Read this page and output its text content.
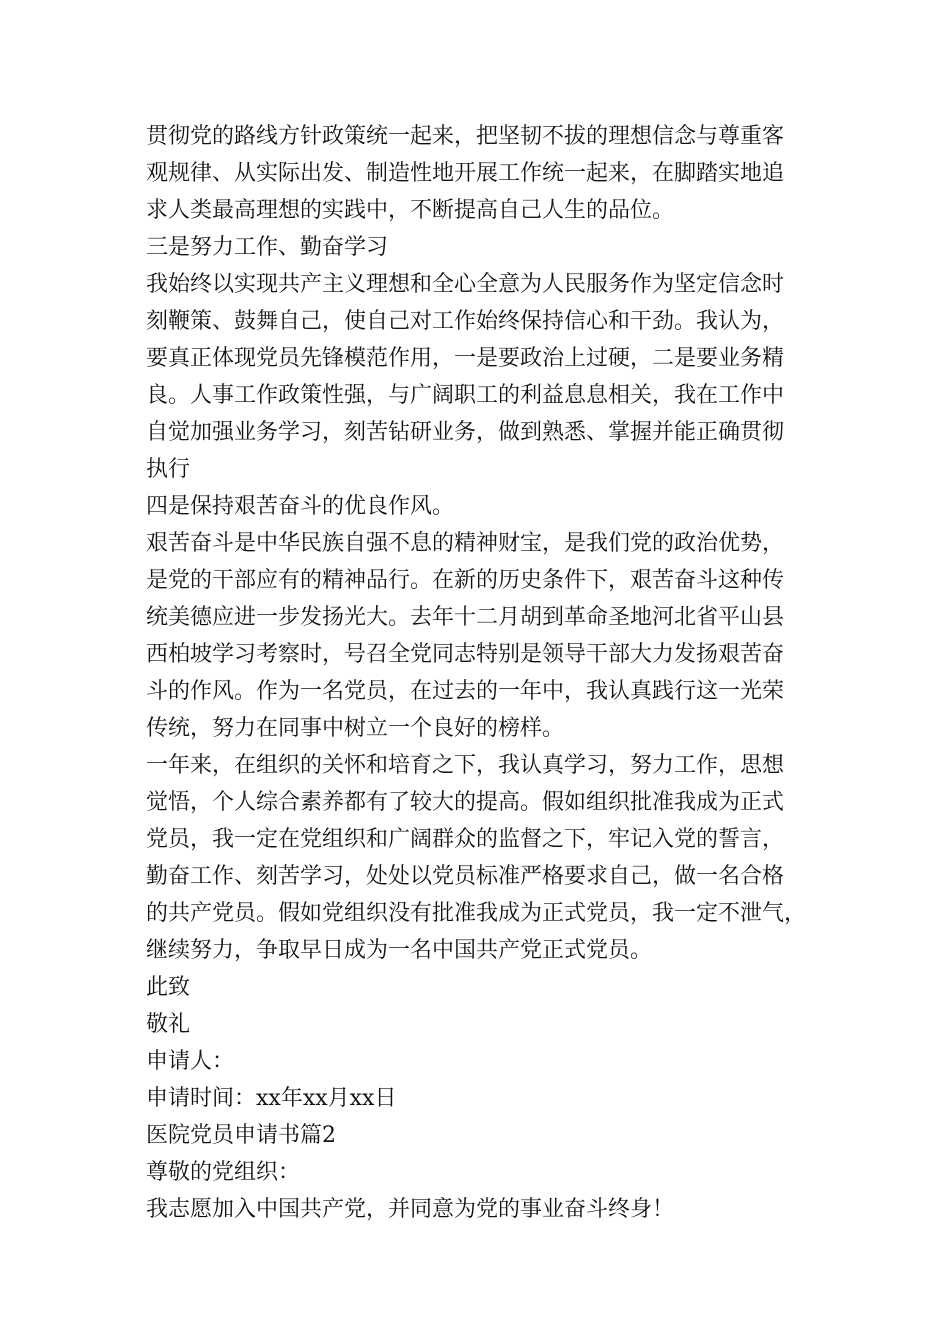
贯彻党的路线方针政策统一起来，把坚韧不拔的理想信念与尊重客
观规律、从实际出发、制造性地开展工作统一起来，在脚踏实地追
求人类最高理想的实践中，不断提高自己人生的品位。
三是努力工作、勤奋学习
我始终以实现共产主义理想和全心全意为人民服务作为坚定信念时
刻鞭策、鼓舞自己，使自己对工作始终保持信心和干劲。我认为，
要真正体现党员先锋模范作用，一是要政治上过硬，二是要业务精
良。人事工作政策性强，与广阔职工的利益息息相关，我在工作中
自觉加强业务学习，刻苦钻研业务，做到熟悉、掌握并能正确贯彻
执行
四是保持艰苦奋斗的优良作风。
艰苦奋斗是中华民族自强不息的精神财宝，是我们党的政治优势，
是党的干部应有的精神品行。在新的历史条件下，艰苦奋斗这种传
统美德应进一步发扬光大。去年十二月胡到革命圣地河北省平山县
西柏坡学习考察时，号召全党同志特别是领导干部大力发扬艰苦奋
斗的作风。作为一名党员，在过去的一年中，我认真践行这一光荣
传统，努力在同事中树立一个良好的榜样。
一年来，在组织的关怀和培育之下，我认真学习，努力工作，思想
觉悟，个人综合素养都有了较大的提高。假如组织批准我成为正式
党员，我一定在党组织和广阔群众的监督之下，牢记入党的誓言，
勤奋工作、刻苦学习，处处以党员标准严格要求自己，做一名合格
的共产党员。假如党组织没有批准我成为正式党员，我一定不泄气，
继续努力，争取早日成为一名中国共产党正式党员。
此致
敬礼
申请人：
申请时间：xx年xx月xx日
医院党员申请书篇2
尊敬的党组织：
我志愿加入中国共产党，并同意为党的事业奋斗终身！
